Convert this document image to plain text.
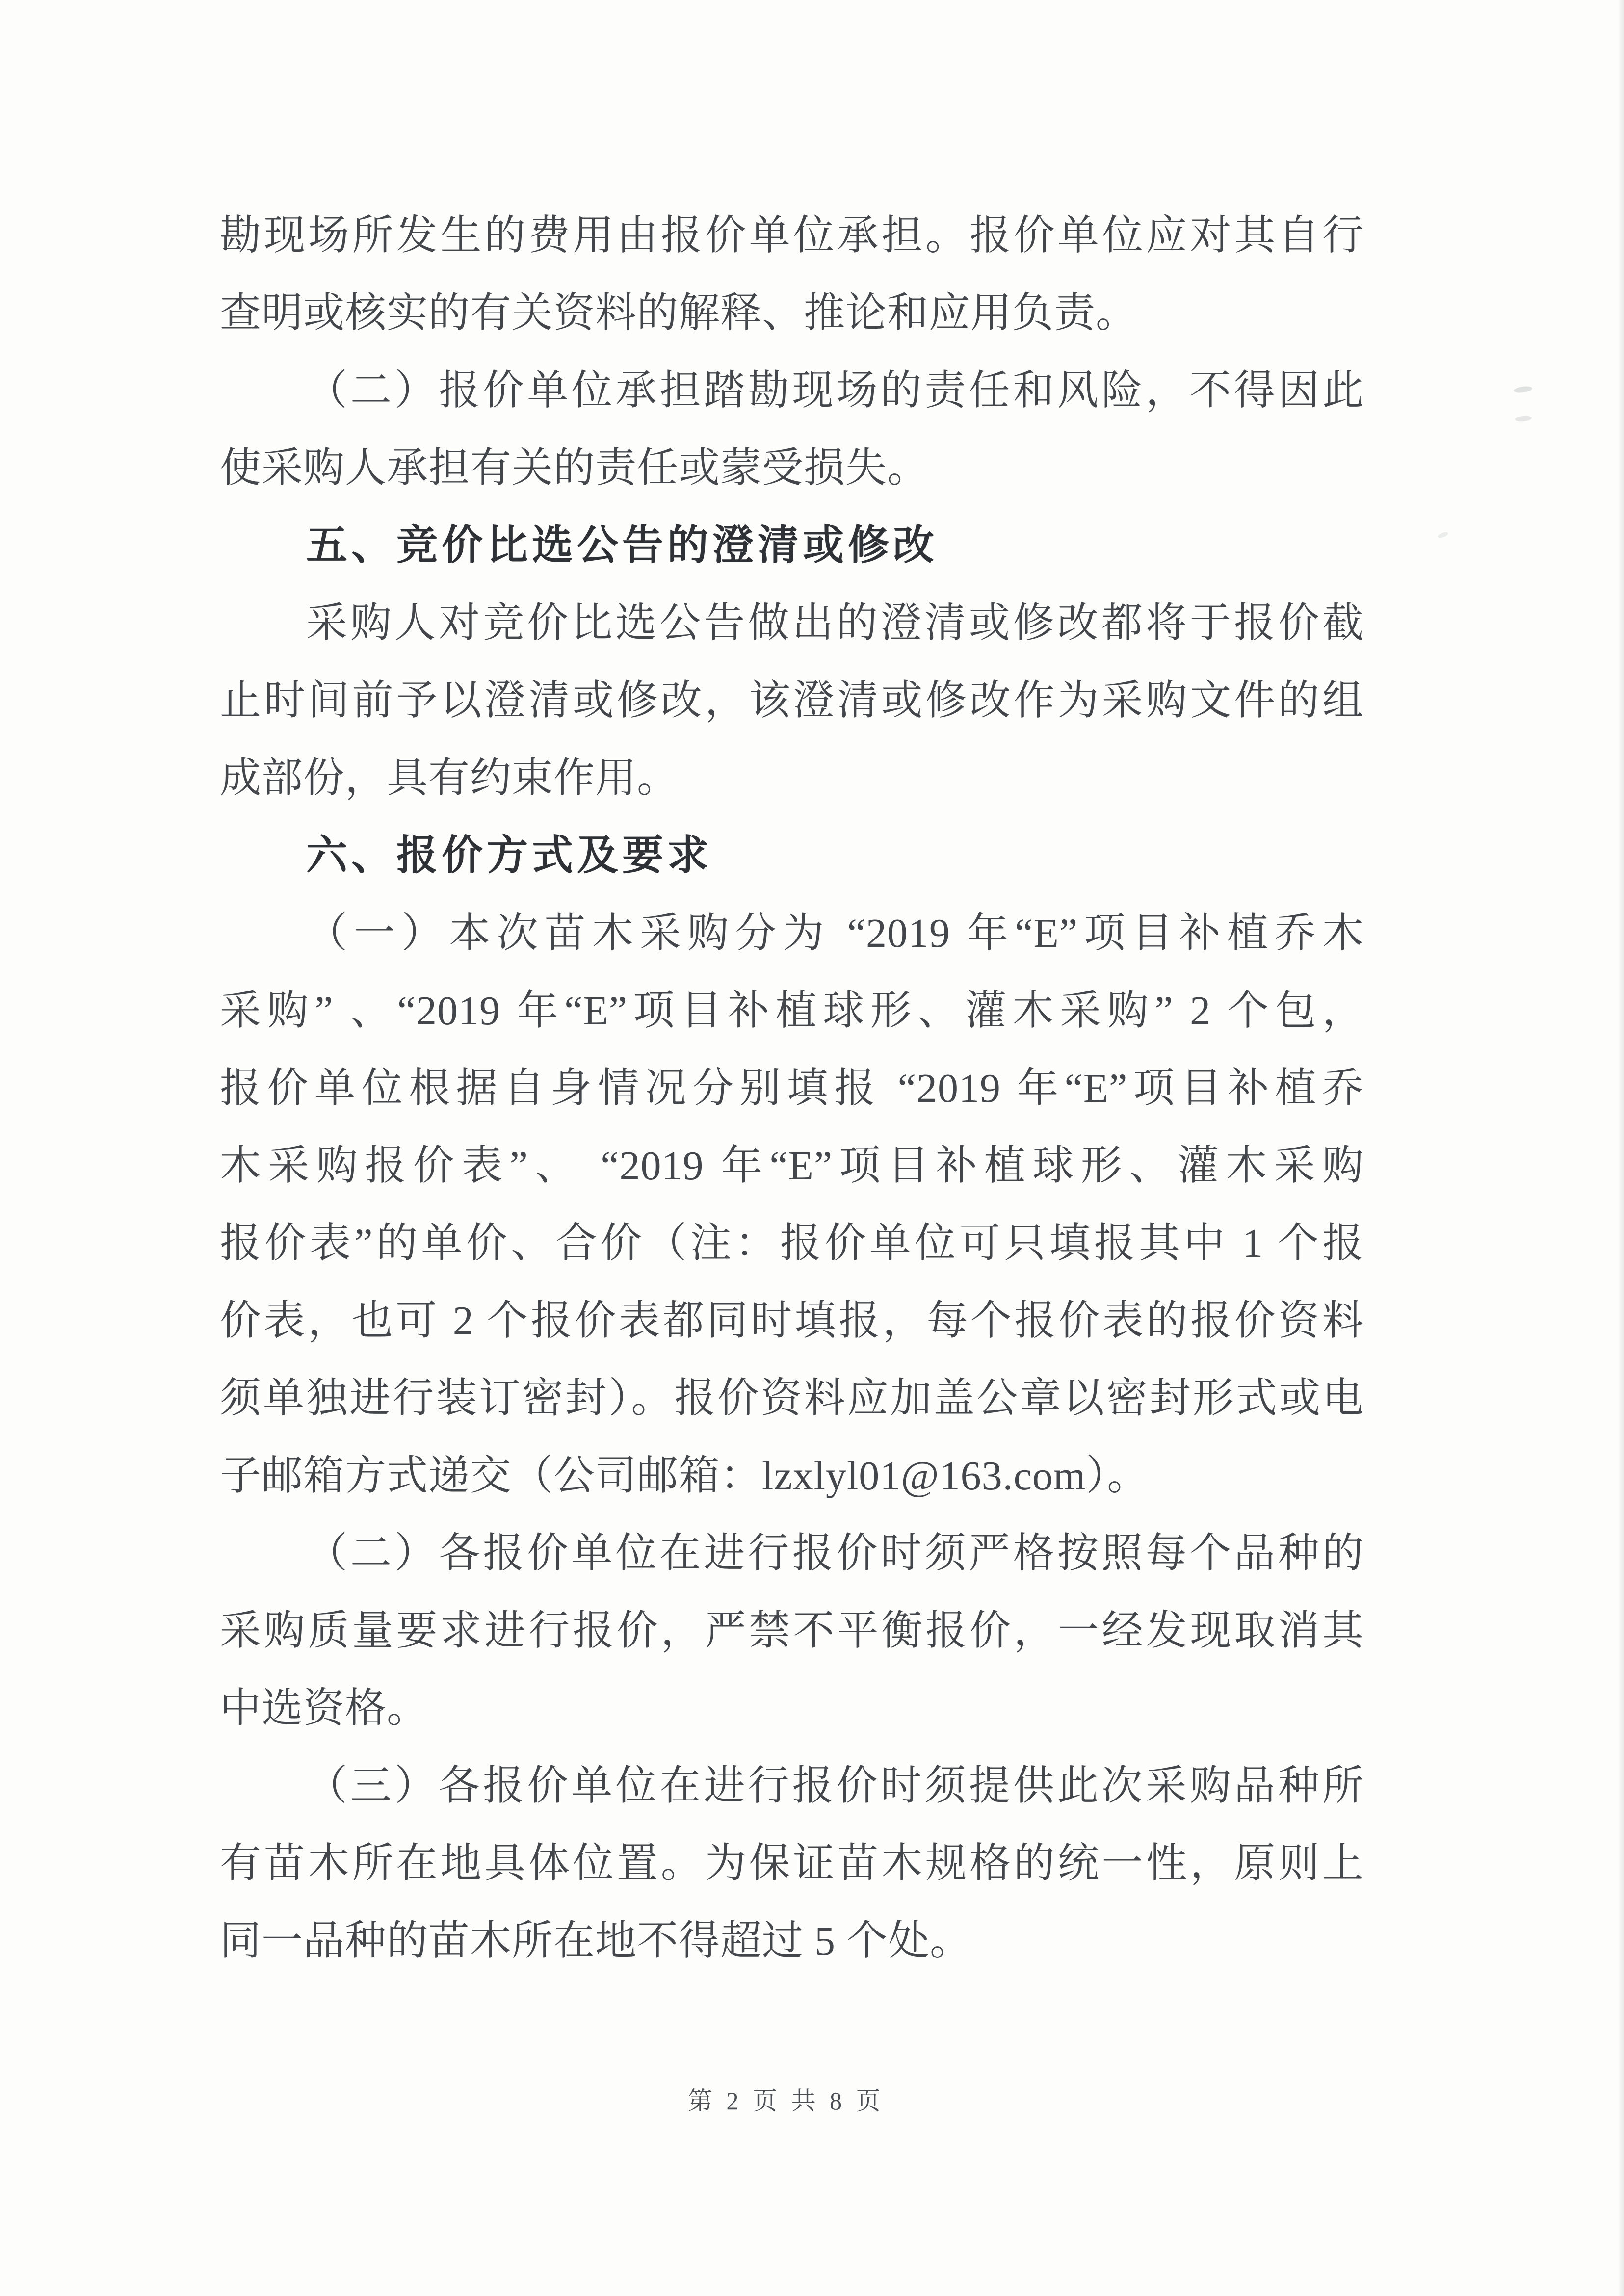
勘现场所发生的费用由报价单位承担。报价单位应对其自行
查明或核实的有关资料的解释、推论和应用负责。
（二）报价单位承担踏勘现场的责任和风险，不得因此
使采购人承担有关的责任或蒙受损失。
五、竞价比选公告的澄清或修改
采购人对竞价比选公告做出的澄清或修改都将于报价截
止时间前予以澄清或修改，该澄清或修改作为采购文件的组
成部份，具有约束作用。
六、报价方式及要求
（一）本次苗木采购分为 “2019 年“E”项目补植乔木
采购” 、“2019 年“E”项目补植球形、灌木采购” 2 个包，
报价单位根据自身情况分别填报 “2019 年“E”项目补植乔
木采购报价表”、 “2019 年“E”项目补植球形、灌木采购
报价表”的单价、合价（注：报价单位可只填报其中 1 个报
价表，也可 2 个报价表都同时填报，每个报价表的报价资料
须单独进行装订密封）。报价资料应加盖公章以密封形式或电
子邮箱方式递交（公司邮箱：lzxlyl01@163.com）。
（二）各报价单位在进行报价时须严格按照每个品种的
采购质量要求进行报价，严禁不平衡报价，一经发现取消其
中选资格。
（三）各报价单位在进行报价时须提供此次采购品种所
有苗木所在地具体位置。为保证苗木规格的统一性，原则上
同一品种的苗木所在地不得超过 5 个处。
第 2 页 共 8 页
